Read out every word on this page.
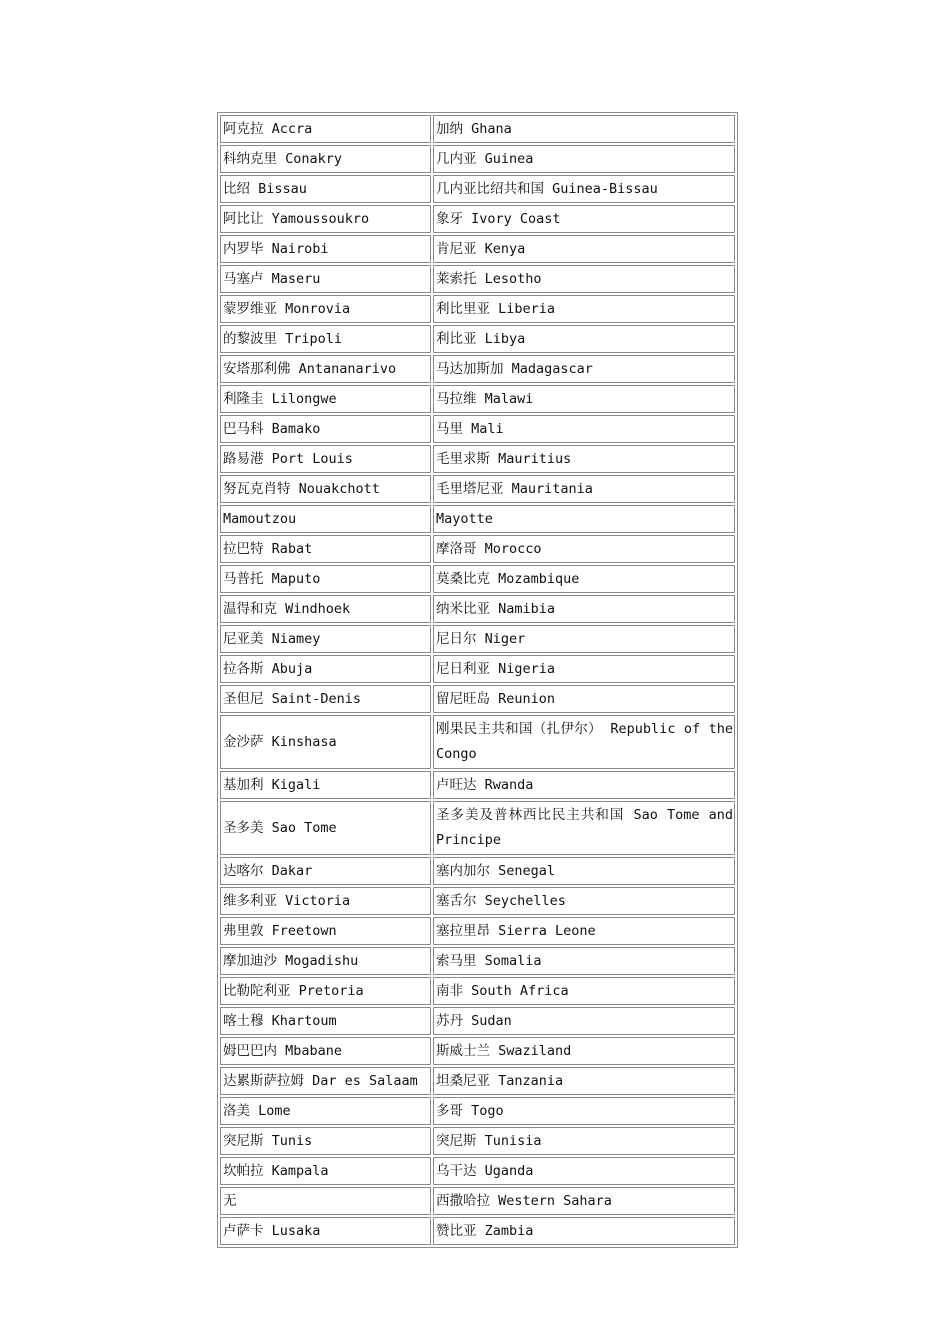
阿克拉 Accra	加纳 Ghana
科纳克里 Conakry	几内亚 Guinea
比绍 Bissau	几内亚比绍共和国 Guinea-Bissau
阿比让 Yamoussoukro	象牙 Ivory Coast
内罗毕 Nairobi	肯尼亚 Kenya
马塞卢 Maseru	莱索托 Lesotho
蒙罗维亚 Monrovia	利比里亚 Liberia
的黎波里 Tripoli	利比亚 Libya
安塔那利佛 Antananarivo	马达加斯加 Madagascar
利隆圭 Lilongwe	马拉维 Malawi
巴马科 Bamako	马里 Mali
路易港 Port Louis	毛里求斯 Mauritius
努瓦克肖特 Nouakchott	毛里塔尼亚 Mauritania
Mamoutzou	Mayotte
拉巴特 Rabat	摩洛哥 Morocco
马普托 Maputo	莫桑比克 Mozambique
温得和克 Windhoek	纳米比亚 Namibia
尼亚美 Niamey	尼日尔 Niger
拉各斯 Abuja	尼日利亚 Nigeria
圣但尼 Saint-Denis	留尼旺岛 Reunion
金沙萨 Kinshasa	刚果民主共和国（扎伊尔） Republic of the Congo
基加利 Kigali	卢旺达 Rwanda
圣多美 Sao Tome	圣多美及普林西比民主共和国 Sao Tome and Principe
达喀尔 Dakar	塞内加尔 Senegal
维多利亚 Victoria	塞舌尔 Seychelles
弗里敦 Freetown	塞拉里昂 Sierra Leone
摩加迪沙 Mogadishu	索马里 Somalia
比勒陀利亚 Pretoria	南非 South Africa
喀土穆 Khartoum	苏丹 Sudan
姆巴巴内 Mbabane	斯威士兰 Swaziland
达累斯萨拉姆 Dar es Salaam	坦桑尼亚 Tanzania
洛美 Lome	多哥 Togo
突尼斯 Tunis	突尼斯 Tunisia
坎帕拉 Kampala	乌干达 Uganda
无	西撒哈拉 Western Sahara
卢萨卡 Lusaka	赞比亚 Zambia
